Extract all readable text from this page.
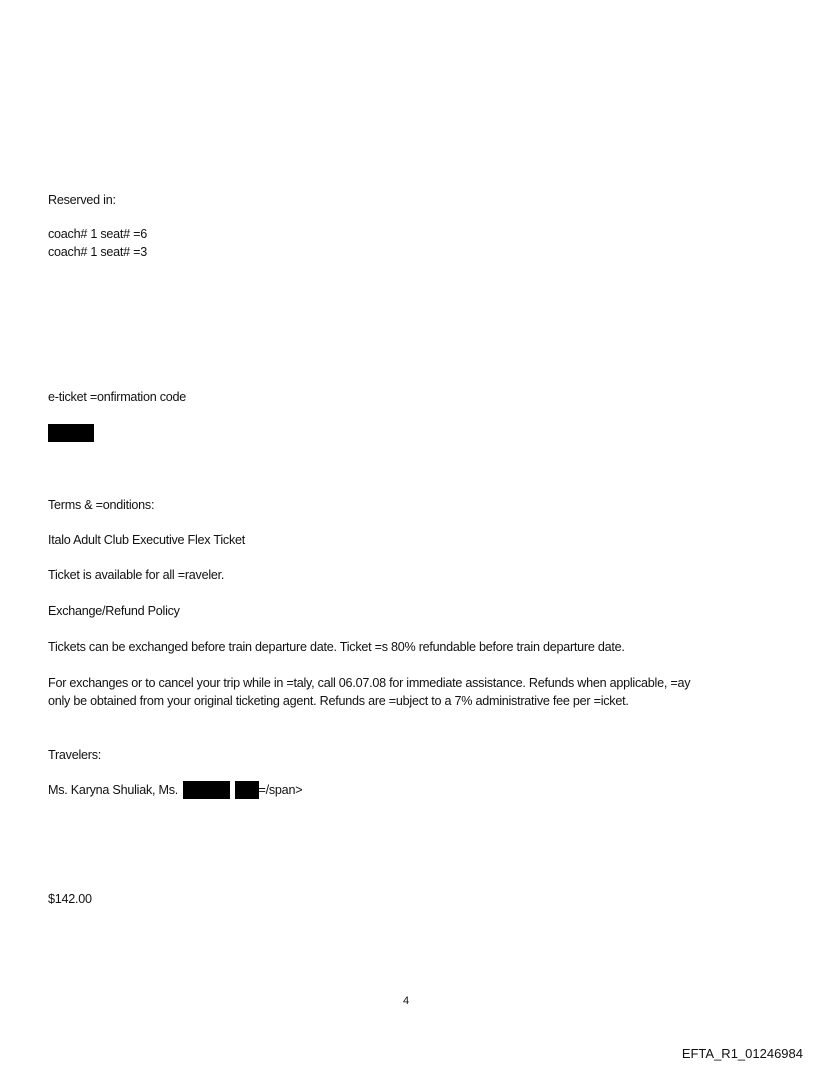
Reserved in:
coach# 1 seat# =6
coach# 1 seat# =3
e-ticket =onfirmation code
Terms & =onditions:
Italo Adult Club Executive Flex Ticket
Ticket is available for all =raveler.
Exchange/Refund Policy
Tickets can be exchanged before train departure date. Ticket =s 80% refundable before train departure date.
For exchanges or to cancel your trip while in =taly, call 06.07.08 for immediate assistance. Refunds when applicable, =ay
only be obtained from your original ticketing agent. Refunds are =ubject to a 7% administrative fee per =icket.
Travelers:
Ms. Karyna Shuliak, Ms.	=/span>
$142.00
4
EFTA_R1_01246984
